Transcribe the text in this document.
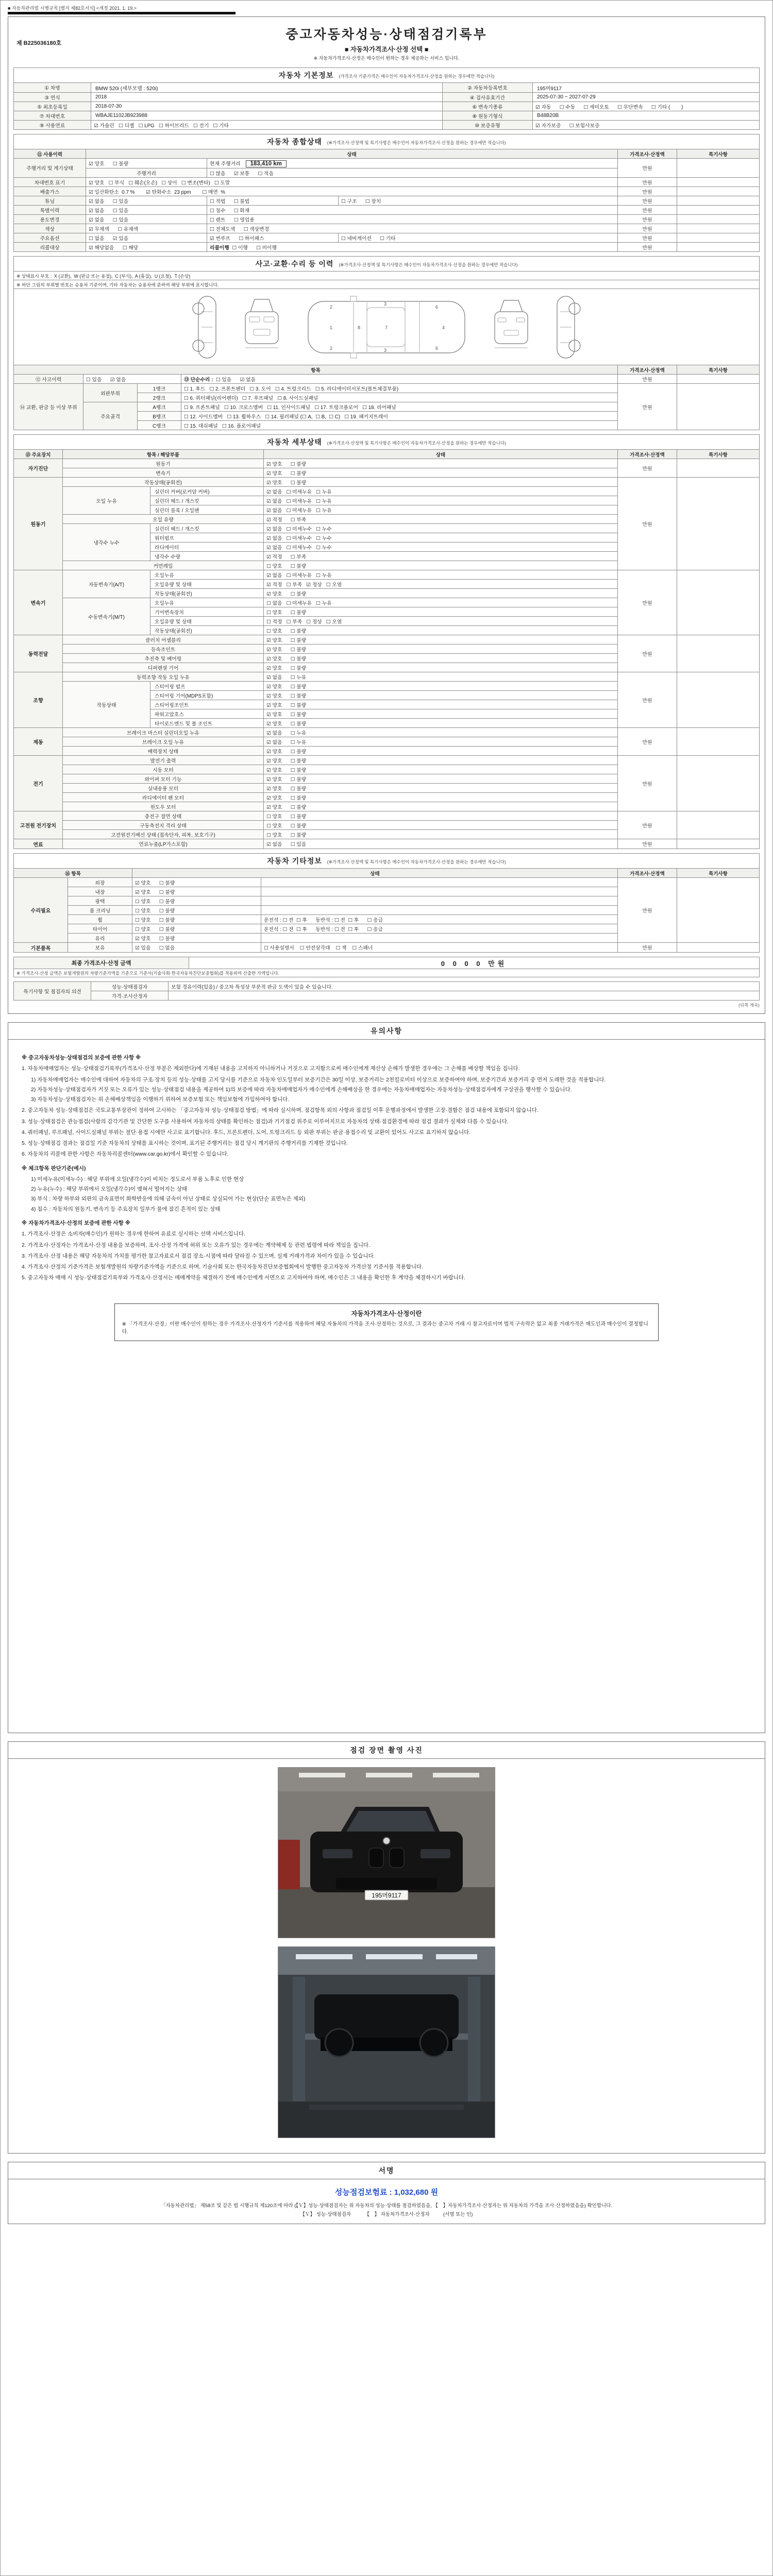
■ 자동차관리법 시행규칙 [별지 제82호서식] <개정 2021. 1. 19.>
제 B225036180호
중고자동차성능·상태점검기록부
■ 자동차가격조사·산정 선택 ■
※ 자동차가격조사·산정은 매수인이 원하는 경우 제공하는 서비스 입니다.
자동차 기본정보 (가격조사 기준가격은 매수인이 자동차가격조사·산정을 원하는 경우에만 적습니다)			
① 차명	BMW 520i (세부모델 : 520i)	② 자동차등록번호	195머9117
③ 연식	2018	④ 검사유효기간	2025-07-30 ~ 2027-07-29
⑤ 최초등록일	2018-07-30	⑥ 변속기종류	☑ 자동      ☐ 수동      ☐ 세미오토      ☐ 무단변속      ☐ 기타 (        )
⑦ 차대번호	WBAJE1102JB923988	⑧ 원동기형식	B48B20B
⑨ 사용연료	☑ 가솔린   ☐ 디젤   ☐ LPG   ☐ 하이브리드   ☐ 전기   ☐ 기타	⑩ 보증유형	☑ 자가보증      ☐ 보험사보증
자동차 종합상태 (※가격조사·산정액 및 특기사항은 매수인이 자동차가격조사·산정을 원하는 경우에만 적습니다)					
⑪ 사용이력	상태			가격조사·산정액	특기사항
주행거리 및 계기상태	☑ 양호      ☐ 불량	현재 주행거리 183,410 km		만원	
	주행거리	☐ 많음      ☑ 보통      ☐ 적음			
차대번호 표기	☑ 양호   ☐ 부식   ☐ 훼손(오손)   ☐ 상이   ☐ 변조(변타)   ☐ 도말			만원	
배출가스	☑ 일산화탄소  0.7 %        ☑ 탄화수소  23 ppm        ☐ 매연  %			만원	
튜닝	☑ 없음      ☐ 있음	☐ 적법      ☐ 불법	☐ 구조      ☐ 장치	만원	
특별이력	☑ 없음      ☐ 있음	☐ 침수      ☐ 화재		만원	
용도변경	☑ 없음      ☐ 있음	☐ 렌트      ☐ 영업용		만원	
색상	☑ 무채색      ☐ 유채색	☐ 전체도색      ☐ 색상변경		만원	
주요옵션	☐ 없음      ☑ 있음	☑ 썬루프      ☐ 하이패스	☐ 네비게이션      ☐ 기타	만원	
리콜대상	☑ 해당없음      ☐ 해당	리콜이행 ☐ 이행      ☐ 미이행		만원	
사고·교환·수리 등 이력 (※가격조사·산정액 및 특기사항은 매수인이 자동차가격조사·산정을 원하는 경우에만 적습니다)					
※ 상태표시 부호 :  X (교환),  W (판금 또는 용접),  C (부식),  A (흠집),  U (요철),  T (손상)					
※ 하단 그림의 부위별 번호는 승용차 기준이며, 기타 자동차는 승용차에 준하여 해당 부위에 표시합니다.					

1
2
2
3
3
7
6
6
4
8

항목				가격조사·산정액	특기사항
⑫ 사고이력	☐ 있음      ☑ 없음		⑬ 단순수리 : ☐ 있음      ☑ 없음	만원	
⑭ 교환, 판금 등 이상 부위	외판부위	1랭크	☐ 1. 후드   ☐ 2. 프론트펜더   ☐ 3. 도어   ☐ 4. 트렁크리드   ☐ 5. 라디에이터서포트(볼트체결부품)	만원	
		2랭크	☐ 6. 쿼터패널(리어펜더)   ☐ 7. 루프패널   ☐ 8. 사이드실패널		
	주요골격	A랭크	☐ 9. 프론트패널   ☐ 10. 크로스멤버   ☐ 11. 인사이드패널   ☐ 17. 트렁크플로어   ☐ 18. 리어패널		
		B랭크	☐ 12. 사이드멤버   ☐ 13. 휠하우스   ☐ 14. 필러패널 (☐ A,  ☐ B,  ☐ C)   ☐ 19. 패키지트레이		
		C랭크	☐ 15. 대쉬패널   ☐ 16. 플로어패널		
자동차 세부상태 (※가격조사·산정액 및 특기사항은 매수인이 자동차가격조사·산정을 원하는 경우에만 적습니다)					
⑮ 주요장치	항목 / 해당부품		상태	가격조사·산정액	특기사항
자기진단	원동기		☑ 양호      ☐ 불량	만원	
	변속기		☑ 양호      ☐ 불량		
원동기	작동상태(공회전)		☑ 양호      ☐ 불량	만원	
	오일 누유	실린더 커버(로커암 커버)	☑ 없음   ☐ 미세누유   ☐ 누유		
		실린더 헤드 / 개스킷	☑ 없음   ☐ 미세누유   ☐ 누유		
		실린더 블록 / 오일팬	☑ 없음   ☐ 미세누유   ☐ 누유		
	오일 유량		☑ 적정      ☐ 부족		
	냉각수 누수	실린더 헤드 / 개스킷	☑ 없음   ☐ 미세누수   ☐ 누수		
		워터펌프	☑ 없음   ☐ 미세누수   ☐ 누수		
		라디에이터	☑ 없음   ☐ 미세누수   ☐ 누수		
		냉각수 수량	☑ 적정      ☐ 부족		
	커먼레일		☐ 양호      ☐ 불량		
변속기	자동변속기(A/T)	오일누유	☑ 없음   ☐ 미세누유   ☐ 누유	만원	
		오일유량 및 상태	☑ 적정   ☐ 부족   ☑ 정상   ☐ 오염		
		작동상태(공회전)	☑ 양호      ☐ 불량		
	수동변속기(M/T)	오일누유	☐ 없음   ☐ 미세누유   ☐ 누유		
		기어변속장치	☐ 양호      ☐ 불량		
		오일유량 및 상태	☐ 적정   ☐ 부족   ☐ 정상   ☐ 오염		
		작동상태(공회전)	☐ 양호      ☐ 불량		
동력전달	클러치 어셈블리		☑ 양호      ☐ 불량	만원	
	등속조인트		☑ 양호      ☐ 불량		
	추진축 및 베어링		☑ 양호      ☐ 불량		
	디퍼렌셜 기어		☑ 양호      ☐ 불량		
조향	동력조향 작동 오일 누유		☑ 없음      ☐ 누유	만원	
	작동상태	스티어링 펌프	☑ 양호      ☐ 불량		
		스티어링 기어(MDPS포함)	☑ 양호      ☐ 불량		
		스티어링조인트	☑ 양호      ☐ 불량		
		파워고압호스	☑ 양호      ☐ 불량		
		타이로드엔드 및 볼 조인트	☑ 양호      ☐ 불량		
제동	브레이크 마스터 실린더오일 누유		☑ 없음      ☐ 누유	만원	
	브레이크 오일 누유		☑ 없음      ☐ 누유		
	배력장치 상태		☑ 양호      ☐ 불량		
전기	발전기 출력		☑ 양호      ☐ 불량	만원	
	시동 모터		☑ 양호      ☐ 불량		
	와이퍼 모터 기능		☑ 양호      ☐ 불량		
	실내송풍 모터		☑ 양호      ☐ 불량		
	라디에이터 팬 모터		☑ 양호      ☐ 불량		
	윈도우 모터		☑ 양호      ☐ 불량		
고전원 전기장치	충전구 절연 상태		☐ 양호      ☐ 불량	만원	
	구동축전지 격리 상태		☐ 양호      ☐ 불량		
	고전원전기배선 상태 (접속단자, 피복, 보호기구)		☐ 양호      ☐ 불량		
연료	연료누출(LP가스포함)		☑ 없음      ☐ 있음	만원	
자동차 기타정보 (※가격조사·산정액 및 특기사항은 매수인이 자동차가격조사·산정을 원하는 경우에만 적습니다)					
⑯ 항목		상태		가격조사·산정액	특기사항
수리필요	외장	☑ 양호      ☐ 불량		만원	
	내장	☑ 양호      ☐ 불량			
	광택	☐ 양호      ☐ 불량			
	룸 크리닝	☐ 양호      ☐ 불량			
	휠	☐ 양호      ☐ 불량	운전석 : ☐ 전  ☐ 후      동반석 : ☐ 전  ☐ 후      ☐ 응급		
	타이어	☐ 양호      ☐ 불량	운전석 : ☐ 전  ☐ 후      동반석 : ☐ 전  ☐ 후      ☐ 응급		
	유리	☑ 양호      ☐ 불량			
기본품목	보유	☑ 있음      ☐ 없음	☐ 사용설명서    ☐ 안전삼각대    ☐ 잭    ☐ 스패너	만원	
최종 가격조사·산정 금액	0 0 0 0 만원
※ 가격조사·산정 금액은 보험개발원의 차량기준가액을 기준으로 기준서(기술사회·한국자동차진단보증협회)를 적용하여 산출한 가액입니다.
특기사항 및 점검자의 의견	성능·상태점검자	보험 경유이력(있음) / 중고차 특성상 부분적 판금 도색이 있을 수 있습니다.
	가격·조사산정자	
(뒤쪽 계속)
유의사항
※ 중고자동차성능·상태점검의 보증에 관한 사항 ※
1. 자동차매매업자는 성능·상태점검기록부(가격조사·산정 부분은 제외한다)에 기재된 내용을 고지하지 아니하거나 거짓으로 고지함으로써 매수인에게 재산상 손해가 발생한 경우에는 그 손해를 배상할 책임을 집니다.
1) 자동차매매업자는 매수인에 대하여 자동차의 구조·장치 등의 성능·상태를 고지 당시를 기준으로 자동차 인도일부터 보증기간은 30일 이상, 보증거리는 2천킬로미터 이상으로 보증하여야 하며, 보증기간과 보증거리 중 먼저 도래한 것을 적용합니다.
2) 자동차성능·상태점검자가 거짓 또는 오류가 있는 성능·상태점검 내용을 제공하여 1)의 보증에 따라 자동차매매업자가 매수인에게 손해배상을 한 경우에는 자동차매매업자는 자동차성능·상태점검자에게 구상권을 행사할 수 있습니다.
3) 자동차성능·상태점검자는 위 손해배상책임을 이행하기 위하여 보증보험 또는 책임보험에 가입하여야 합니다.
2. 중고자동차 성능·상태점검은 국토교통부장관이 정하여 고시하는 「중고자동차 성능·상태점검 방법」에 따라 실시하며, 점검항목 외의 사항과 점검일 이후 운행과정에서 발생한 고장·결함은 점검 내용에 포함되지 않습니다.
3. 성능·상태점검은 관능점검(사람의 감각기관 및 간단한 도구를 사용하여 자동차의 상태를 확인하는 점검)과 기기점검 위주로 이루어지므로 자동차의 상태·점검환경에 따라 점검 결과가 실제와 다를 수 있습니다.
4. 쿼터패널, 루프패널, 사이드실패널 부위는 절단·용접 시에만 사고로 표기합니다. 후드, 프론트펜더, 도어, 트렁크리드 등 외판 부위는 판금·용접수리 및 교환이 있어도 사고로 표기하지 않습니다.
5. 성능·상태점검 결과는 점검일 기준 자동차의 상태를 표시하는 것이며, 표기된 주행거리는 점검 당시 계기판의 주행거리를 기재한 것입니다.
6. 자동차의 리콜에 관한 사항은 자동차리콜센터(www.car.go.kr)에서 확인할 수 있습니다.
※ 체크항목 판단기준(예시)
1) 미세누유(미세누수) : 해당 부위에 오일(냉각수)이 비치는 정도로서 부품 노후로 인한 현상
2) 누유(누수) : 해당 부위에서 오일(냉각수)이 맺혀서 떨어지는 상태
3) 부식 : 차량 하부와 외판의 금속표면이 화학반응에 의해 금속이 아닌 상태로 상실되어 가는 현상(단순 표면녹은 제외)
4) 침수 : 자동차의 원동기, 변속기 등 주요장치 일부가 물에 잠긴 흔적이 있는 상태
※ 자동차가격조사·산정의 보증에 관한 사항 ※
1. 가격조사·산정은 소비자(매수인)가 원하는 경우에 한하여 유료로 실시하는 선택 서비스입니다.
2. 가격조사·산정자는 가격조사·산정 내용을 보증하며, 조사·산정 가격에 허위 또는 오류가 있는 경우에는 계약해제 등 관련 법령에 따라 책임을 집니다.
3. 가격조사·산정 내용은 해당 자동차의 가치를 평가한 참고자료로서 점검 장소·시점에 따라 달라질 수 있으며, 실제 거래가격과 차이가 있을 수 있습니다.
4. 가격조사·산정의 기준가격은 보험개발원의 차량기준가액을 기준으로 하며, 기술사회 또는 한국자동차진단보증협회에서 발행한 중고자동차 가격산정 기준서를 적용합니다.
5. 중고자동차 매매 시 성능·상태점검기록부와 가격조사·산정서는 매매계약을 체결하기 전에 매수인에게 서면으로 고지하여야 하며, 매수인은 그 내용을 확인한 후 계약을 체결하시기 바랍니다.
자동차가격조사·산정이란
※ 「가격조사·산정」이란 매수인이 원하는 경우 가격조사·산정자가 기준서를 적용하여 해당 자동차의 가격을 조사·산정하는 것으로, 그 결과는 중고차 거래 시 참고자료이며 법적 구속력은 없고 최종 거래가격은 매도인과 매수인이 결정합니다.
점검 장면 촬영 사진
195머9117
서명
성능점검보험료 : 1,032,680 원
「자동차관리법」 제58조 및 같은 법 시행규칙 제120조에 따라 (【Ｖ】성능·상태점검자는 위 자동차의 성능·상태를 점검하였음을, 【　】자동차가격조사·산정자는 위 자동차의 가격을 조사·산정하였음을) 확인합니다.
【Ｖ】 성능·상태점검자          【　】 자동차가격조사·산정자          (서명 또는 인)
